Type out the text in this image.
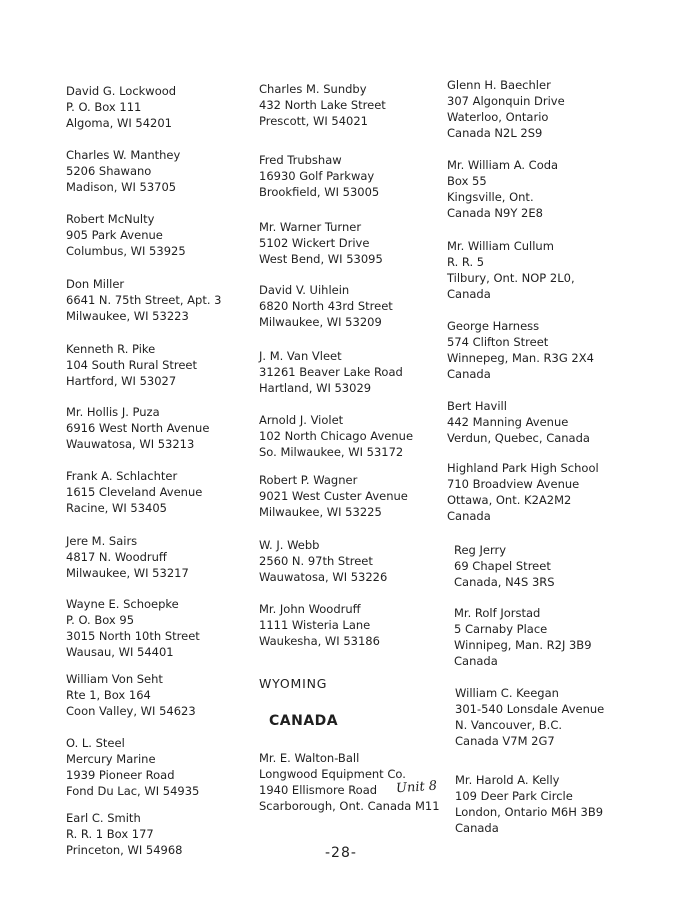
David G. Lockwood
P. O. Box 111
Algoma, WI 54201
Charles W. Manthey
5206 Shawano
Madison, WI 53705
Robert McNulty
905 Park Avenue
Columbus, WI 53925
Don Miller
6641 N. 75th Street, Apt. 3
Milwaukee, WI 53223
Kenneth R. Pike
104 South Rural Street
Hartford, WI 53027
Mr. Hollis J. Puza
6916 West North Avenue
Wauwatosa, WI 53213
Frank A. Schlachter
1615 Cleveland Avenue
Racine, WI 53405
Jere M. Sairs
4817 N. Woodruff
Milwaukee, WI 53217
Wayne E. Schoepke
P. O. Box 95
3015 North 10th Street
Wausau, WI 54401
William Von Seht
Rte 1, Box 164
Coon Valley, WI 54623
O. L. Steel
Mercury Marine
1939 Pioneer Road
Fond Du Lac, WI 54935
Earl C. Smith
R. R. 1 Box 177
Princeton, WI 54968
Charles M. Sundby
432 North Lake Street
Prescott, WI 54021
Fred Trubshaw
16930 Golf Parkway
Brookfield, WI 53005
Mr. Warner Turner
5102 Wickert Drive
West Bend, WI 53095
David V. Uihlein
6820 North 43rd Street
Milwaukee, WI 53209
J. M. Van Vleet
31261 Beaver Lake Road
Hartland, WI 53029
Arnold J. Violet
102 North Chicago Avenue
So. Milwaukee, WI 53172
Robert P. Wagner
9021 West Custer Avenue
Milwaukee, WI 53225
W. J. Webb
2560 N. 97th Street
Wauwatosa, WI 53226
Mr. John Woodruff
1111 Wisteria Lane
Waukesha, WI 53186
WYOMING
CANADA
Mr. E. Walton-Ball
Longwood Equipment Co.
1940 Ellismore Road
Scarborough, Ont. Canada M11
Glenn H. Baechler
307 Algonquin Drive
Waterloo, Ontario
Canada N2L 2S9
Mr. William A. Coda
Box 55
Kingsville, Ont.
Canada N9Y 2E8
Mr. William Cullum
R. R. 5
Tilbury, Ont. NOP 2L0,
Canada
George Harness
574 Clifton Street
Winnepeg, Man. R3G 2X4
Canada
Bert Havill
442 Manning Avenue
Verdun, Quebec, Canada
Highland Park High School
710 Broadview Avenue
Ottawa, Ont. K2A2M2
Canada
Reg Jerry
69 Chapel Street
Canada, N4S 3RS
Mr. Rolf Jorstad
5 Carnaby Place
Winnipeg, Man. R2J 3B9
Canada
William C. Keegan
301-540 Lonsdale Avenue
N. Vancouver, B.C.
Canada V7M 2G7
Mr. Harold A. Kelly
109 Deer Park Circle
London, Ontario M6H 3B9
Canada
Unit 8
-28-
